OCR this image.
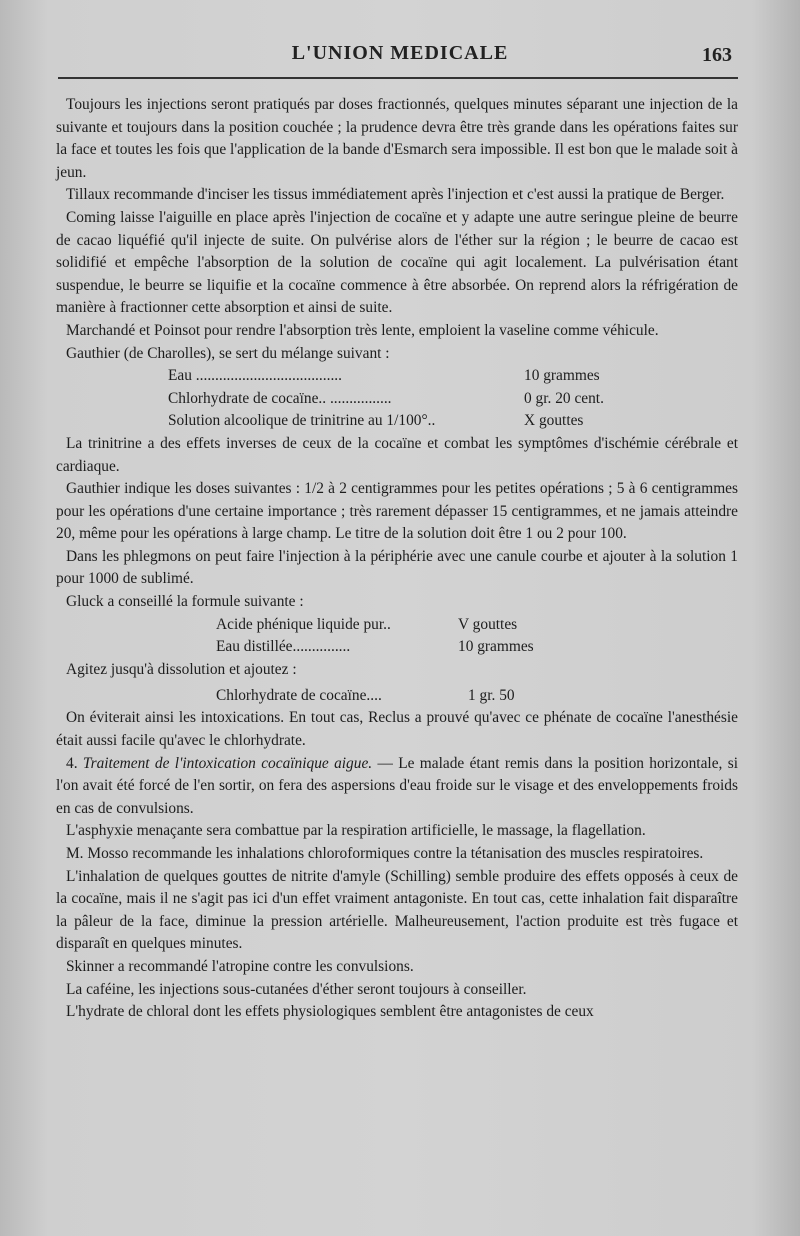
L'UNION MEDICALE	163

Toujours les injections seront pratiqués par doses fractionnés, quelques minutes séparant une injection de la suivante et toujours dans la position couchée ; la prudence devra être très grande dans les opérations faites sur la face et toutes les fois que l'application de la bande d'Esmarch sera impossible. Il est bon que le malade soit à jeun.

Tillaux recommande d'inciser les tissus immédiatement après l'injection et c'est aussi la pratique de Berger.

Coming laisse l'aiguille en place après l'injection de cocaïne et y adapte une autre seringue pleine de beurre de cacao liquéfié qu'il injecte de suite. On pulvérise alors de l'éther sur la région ; le beurre de cacao est solidifié et empêche l'absorption de la solution de cocaïne qui agit localement. La pulvérisation étant suspendue, le beurre se liquifie et la cocaïne commence à être absorbée. On reprend alors la réfrigération de manière à fractionner cette absorption et ainsi de suite.

Marchandé et Poinsot pour rendre l'absorption très lente, emploient la vaseline comme véhicule.

Gauthier (de Charolles), se sert du mélange suivant :

Eau ......................................	10 grammes
Chlorhydrate de cocaïne.. ................	0 gr. 20 cent.
Solution alcoolique de trinitrine au 1/100°..	X gouttes

La trinitrine a des effets inverses de ceux de la cocaïne et combat les symptômes d'ischémie cérébrale et cardiaque.

Gauthier indique les doses suivantes : 1/2 à 2 centigrammes pour les petites opérations ; 5 à 6 centigrammes pour les opérations d'une certaine importance ; très rarement dépasser 15 centigrammes, et ne jamais atteindre 20, même pour les opérations à large champ. Le titre de la solution doit être 1 ou 2 pour 100.

Dans les phlegmons on peut faire l'injection à la périphérie avec une canule courbe et ajouter à la solution 1 pour 1000 de sublimé.

Gluck a conseillé la formule suivante :

Acide phénique liquide pur..	V gouttes
Eau distillée...............	10 grammes

Agitez jusqu'à dissolution et ajoutez :

Chlorhydrate de cocaïne....	1 gr. 50

On éviterait ainsi les intoxications. En tout cas, Reclus a prouvé qu'avec ce phénate de cocaïne l'anesthésie était aussi facile qu'avec le chlorhydrate.

4. Traitement de l'intoxication cocaïnique aigue. — Le malade étant remis dans la position horizontale, si l'on avait été forcé de l'en sortir, on fera des aspersions d'eau froide sur le visage et des enveloppements froids en cas de convulsions.

L'asphyxie menaçante sera combattue par la respiration artificielle, le massage, la flagellation.

M. Mosso recommande les inhalations chloroformiques contre la tétanisation des muscles respiratoires.

L'inhalation de quelques gouttes de nitrite d'amyle (Schilling) semble produire des effets opposés à ceux de la cocaïne, mais il ne s'agit pas ici d'un effet vraiment antagoniste. En tout cas, cette inhalation fait disparaître la pâleur de la face, diminue la pression artérielle. Malheureusement, l'action produite est très fugace et disparaît en quelques minutes.

Skinner a recommandé l'atropine contre les convulsions.

La caféine, les injections sous-cutanées d'éther seront toujours à conseiller.

L'hydrate de chloral dont les effets physiologiques semblent être antagonistes de ceux
